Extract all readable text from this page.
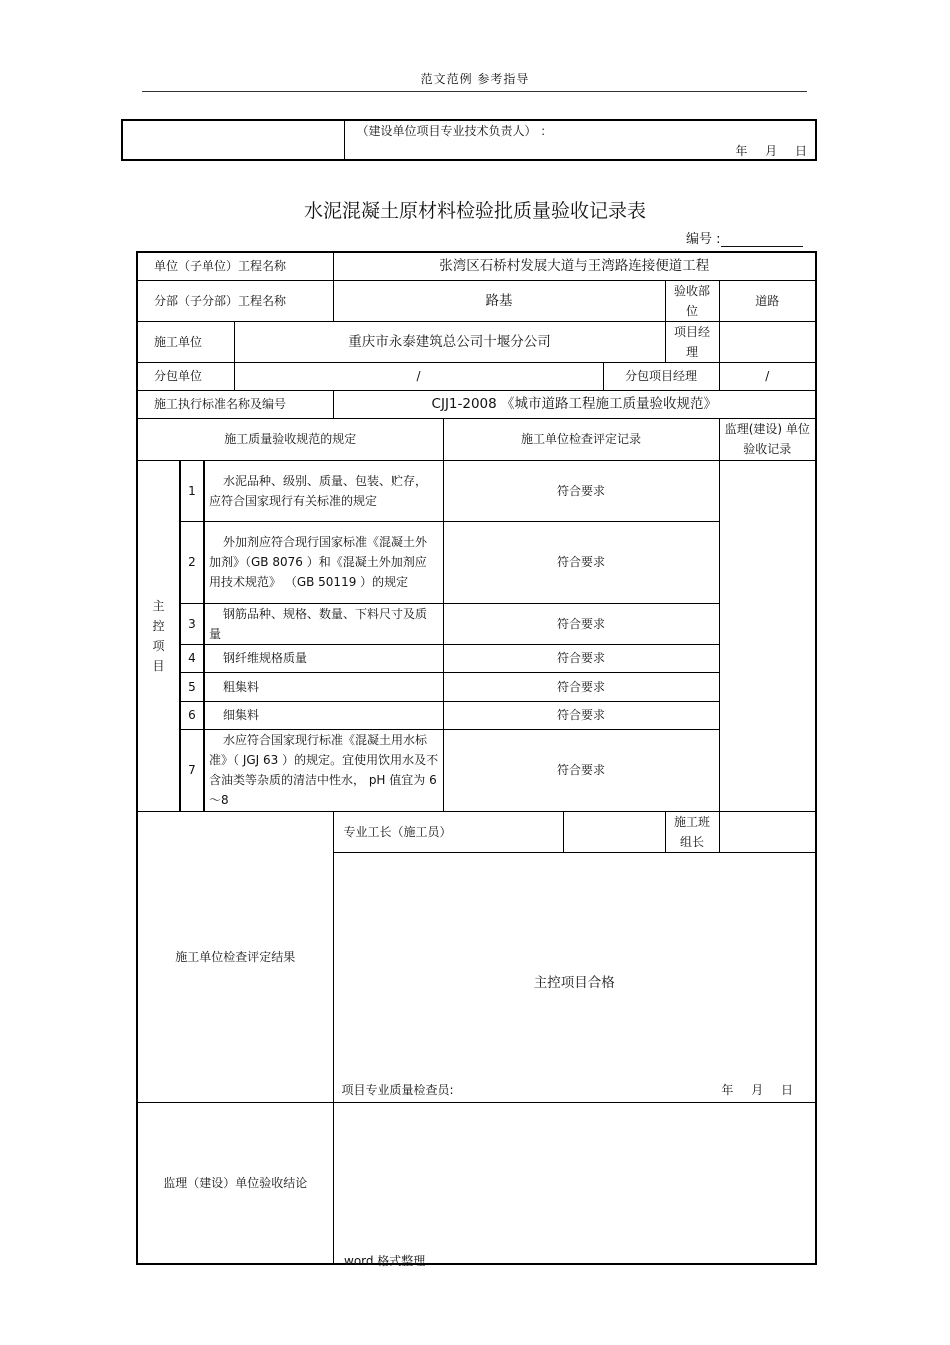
范文范例 参考指导

（建设单位项目专业技术负责人） ：
年 月 日
水泥混凝土原材料检验批质量验收记录表
编号 :
单位（子单位）工程名称				张湾区石桥村发展大道与王湾路连接便道工程					
分部（子分部）工程名称				路基				验收部位	道路
施工单位			重庆市永泰建筑总公司十堰分公司					项目经理	
分包单位			/				分包项目经理		/
施工执行标准名称及编号				CJJ1-2008 《城市道路工程施工质量验收规范》					
施工质量验收规范的规定					施工单位检查评定记录				监理(建设) 单位验收记录

主
控
项
目	1	水泥品种、级别、质量、包装、贮存，应符合国家现行有关标准的规定			符合要求				
	2	外加剂应符合现行国家标准《混凝土外加剂》（GB 8076 ）和《混凝土外加剂应用技术规范》 （GB 50119 ）的规定			符合要求				
	3	钢筋品种、规格、数量、下料尺寸及质量			符合要求				
	4	钢纤维规格质量			符合要求				
	5	粗集料			符合要求				
	6	细集料			符合要求				
	7	水应符合国家现行标准《混凝土用水标准》（ JGJ 63 ）的规定。宜使用饮用水及不含油类等杂质的清洁中性水， pH 值宜为 6～8			符合要求				
施工单位检查评定结果				专业工长（施工员）				施工班组长	

				主控项目合格
项目专业质量检查员: 年 月 日					

监理（建设）单位验收结论									
word 格式整理
